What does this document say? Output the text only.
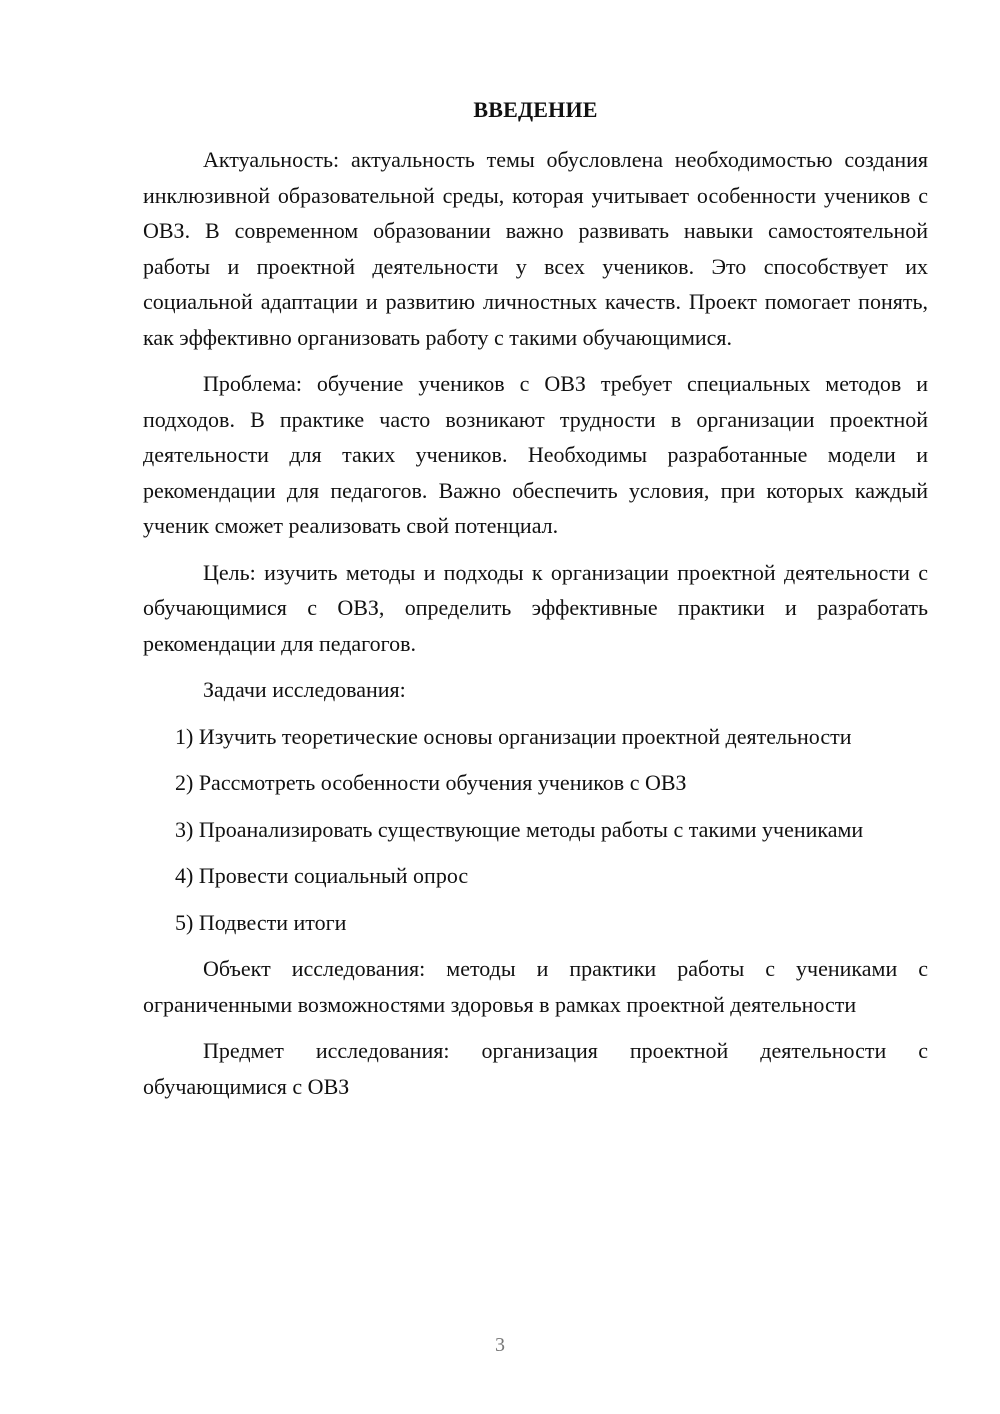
ВВЕДЕНИЕ

Актуальность: актуальность темы обусловлена необходимостью создания инклюзивной образовательной среды, которая учитывает особенности учеников с ОВЗ. В современном образовании важно развивать навыки самостоятельной работы и проектной деятельности у всех учеников. Это способствует их социальной адаптации и развитию личностных качеств. Проект помогает понять, как эффективно организовать работу с такими обучающимися.

Проблема: обучение учеников с ОВЗ требует специальных методов и подходов. В практике часто возникают трудности в организации проектной деятельности для таких учеников. Необходимы разработанные модели и рекомендации для педагогов. Важно обеспечить условия, при которых каждый ученик сможет реализовать свой потенциал.

Цель: изучить методы и подходы к организации проектной деятельности с обучающимися с ОВЗ, определить эффективные практики и разработать рекомендации для педагогов.

Задачи исследования:

1) Изучить теоретические основы организации проектной деятельности

2) Рассмотреть особенности обучения учеников с ОВЗ

3) Проанализировать существующие методы работы с такими учениками

4) Провести социальный опрос

5) Подвести итоги

Объект исследования: методы и практики работы с учениками с ограниченными возможностями здоровья в рамках проектной деятельности

Предмет исследования: организация проектной деятельности с обучающимися с ОВЗ

3
